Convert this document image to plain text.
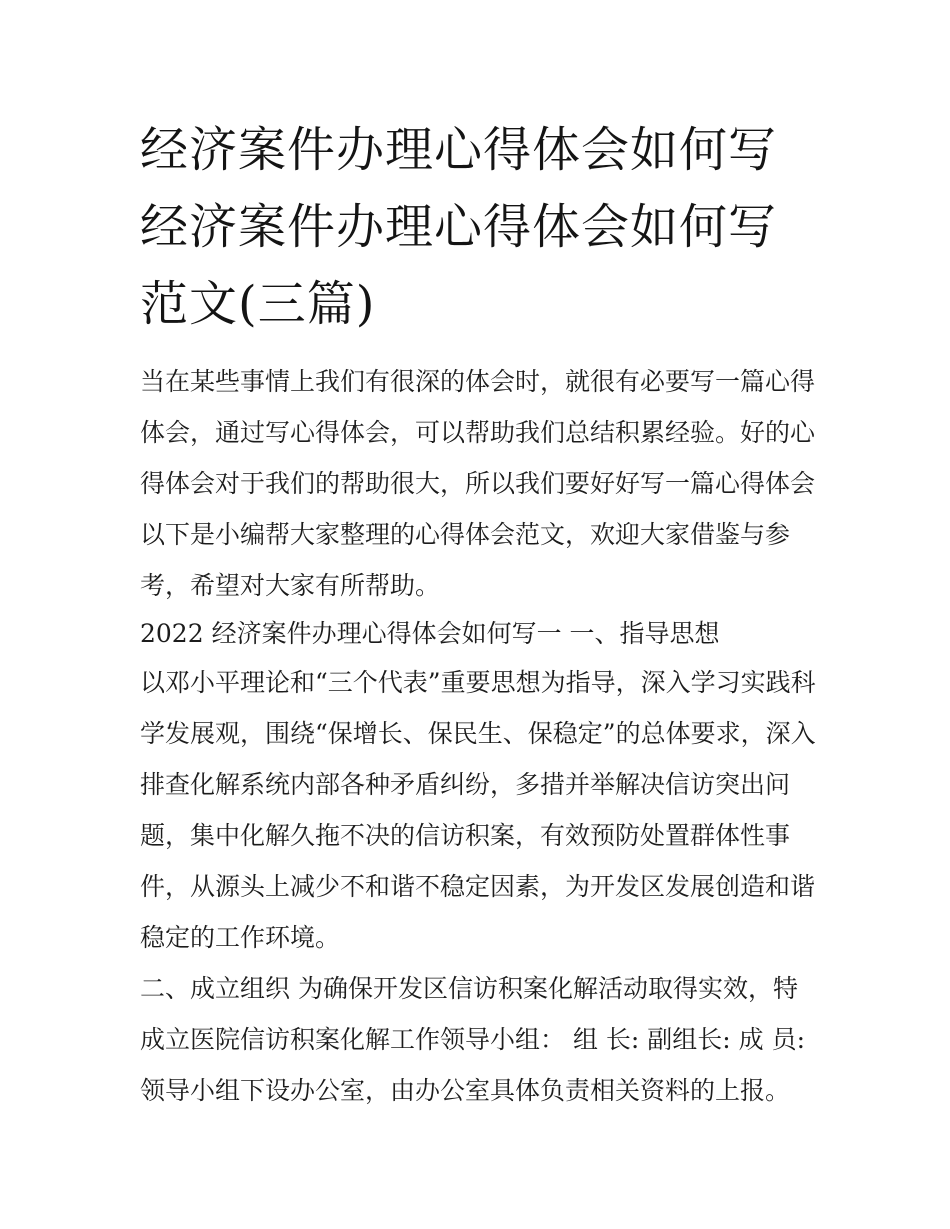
经济案件办理心得体会如何写
经济案件办理心得体会如何写
范文(三篇)

当在某些事情上我们有很深的体会时，就很有必要写一篇心得体会，通过写心得体会，可以帮助我们总结积累经验。好的心得体会对于我们的帮助很大，所以我们要好好写一篇心得体会以下是小编帮大家整理的心得体会范文，欢迎大家借鉴与参考，希望对大家有所帮助。

2022 经济案件办理心得体会如何写一 一、指导思想

以邓小平理论和“三个代表”重要思想为指导，深入学习实践科学发展观，围绕“保增长、保民生、保稳定”的总体要求，深入排查化解系统内部各种矛盾纠纷，多措并举解决信访突出问题，集中化解久拖不决的信访积案，有效预防处置群体性事件，从源头上减少不和谐不稳定因素，为开发区发展创造和谐稳定的工作环境。

二、成立组织 为确保开发区信访积案化解活动取得实效，特成立医院信访积案化解工作领导小组： 组 长: 副组长: 成 员: 领导小组下设办公室，由办公室具体负责相关资料的上报。
